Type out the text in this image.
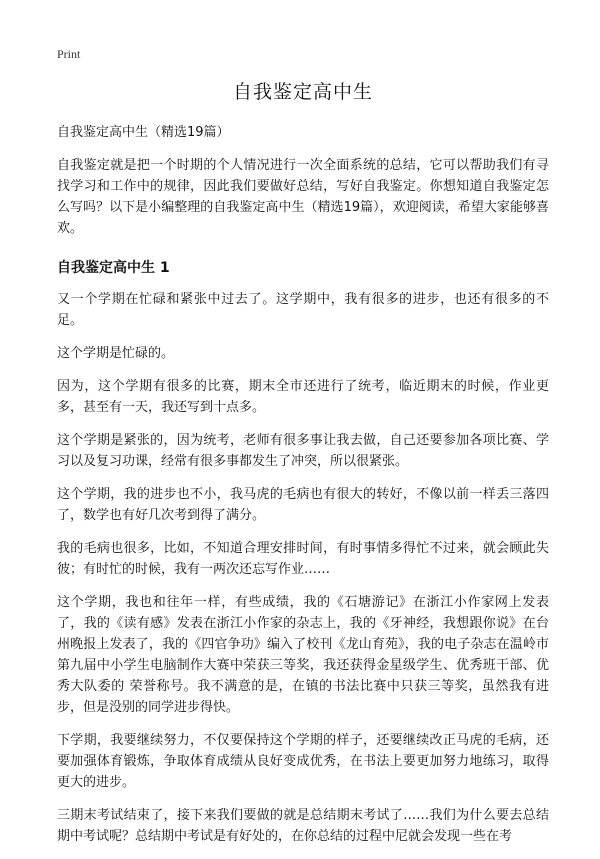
Print
自我鉴定高中生
自我鉴定高中生（精选19篇）

自我鉴定就是把一个时期的个人情况进行一次全面系统的总结，它可以帮助我们有寻找学习和工作中的规律，因此我们要做好总结，写好自我鉴定。你想知道自我鉴定怎么写吗？以下是小编整理的自我鉴定高中生（精选19篇），欢迎阅读，希望大家能够喜欢。

自我鉴定高中生 1

又一个学期在忙碌和紧张中过去了。这学期中，我有很多的进步，也还有很多的不足。

这个学期是忙碌的。

因为，这个学期有很多的比赛，期末全市还进行了统考，临近期末的时候，作业更多，甚至有一天，我还写到十点多。

这个学期是紧张的，因为统考，老师有很多事让我去做，自己还要参加各项比赛、学习以及复习功课，经常有很多事都发生了冲突，所以很紧张。

这个学期，我的进步也不小，我马虎的毛病也有很大的转好，不像以前一样丢三落四了，数学也有好几次考到得了满分。

我的毛病也很多，比如，不知道合理安排时间，有时事情多得忙不过来，就会顾此失彼；有时忙的时候，我有一两次还忘写作业……

这个学期，我也和往年一样，有些成绩，我的《石塘游记》在浙江小作家网上发表了，我的《读有感》发表在浙江小作家的杂志上，我的《牙神经，我想跟你说》在台州晚报上发表了，我的《四官争功》编入了校刊《龙山育苑》，我的电子杂志在温岭市第九届中小学生电脑制作大赛中荣获三等奖，我还获得金星级学生、优秀班干部、优秀大队委的 荣誉称号。我不满意的是，在镇的书法比赛中只获三等奖，虽然我有进步，但是没别的同学进步得快。

下学期，我要继续努力，不仅要保持这个学期的样子，还要继续改正马虎的毛病，还要加强体育锻炼，争取体育成绩从良好变成优秀，在书法上要更加努力地练习，取得更大的进步。

三期末考试结束了，接下来我们要做的就是总结期末考试了……我们为什么要去总结期中考试呢？总结期中考试是有好处的，在你总结的过程中尼就会发现一些在考
